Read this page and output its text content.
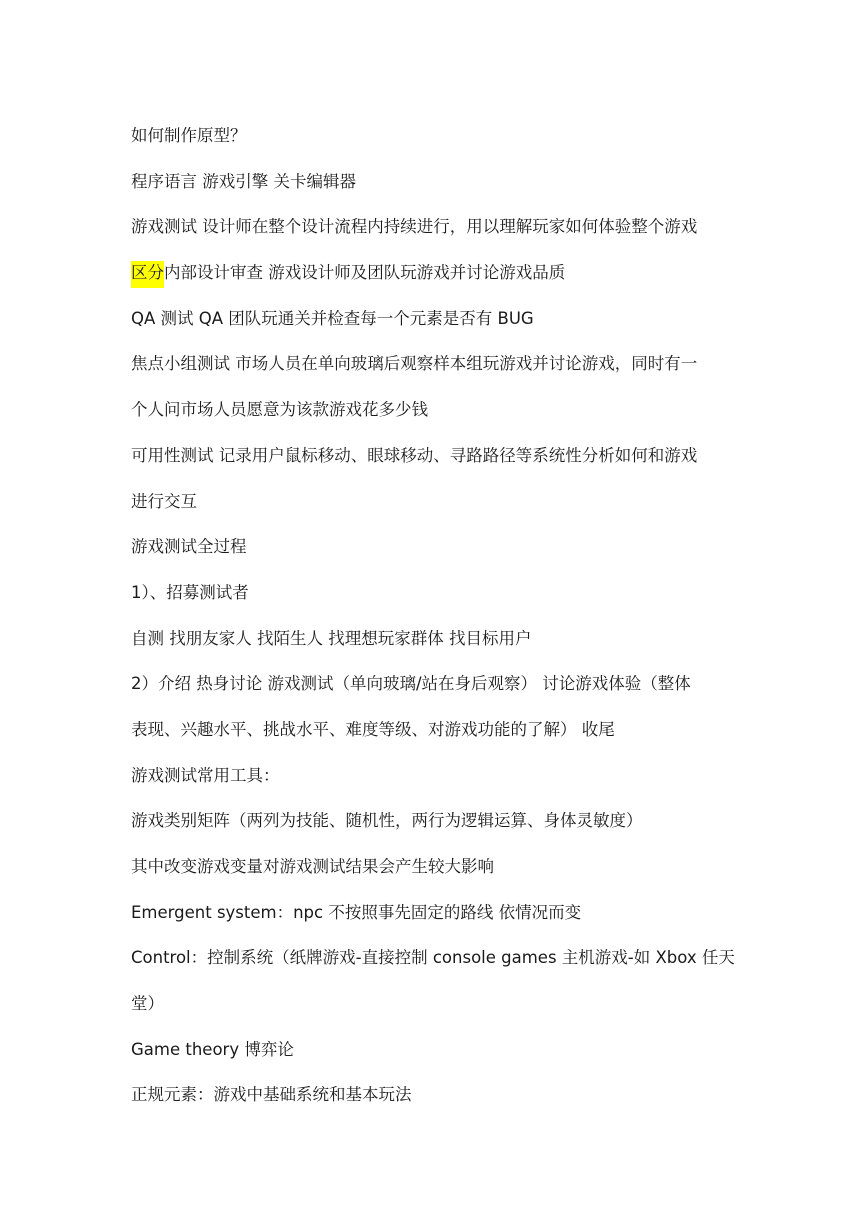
如何制作原型？

程序语言 游戏引擎 关卡编辑器

游戏测试 设计师在整个设计流程内持续进行，用以理解玩家如何体验整个游戏

区分内部设计审查 游戏设计师及团队玩游戏并讨论游戏品质

QA 测试 QA 团队玩通关并检查每一个元素是否有 BUG

焦点小组测试 市场人员在单向玻璃后观察样本组玩游戏并讨论游戏，同时有一

个人问市场人员愿意为该款游戏花多少钱

可用性测试 记录用户鼠标移动、眼球移动、寻路路径等系统性分析如何和游戏

进行交互

游戏测试全过程

1）、招募测试者

自测 找朋友家人 找陌生人 找理想玩家群体 找目标用户

2）介绍 热身讨论 游戏测试（单向玻璃/站在身后观察） 讨论游戏体验（整体

表现、兴趣水平、挑战水平、难度等级、对游戏功能的了解） 收尾

游戏测试常用工具：

游戏类别矩阵（两列为技能、随机性，两行为逻辑运算、身体灵敏度）

其中改变游戏变量对游戏测试结果会产生较大影响

Emergent system：npc 不按照事先固定的路线 依情况而变

Control：控制系统（纸牌游戏-直接控制 console games 主机游戏-如 Xbox 任天

堂）

Game theory 博弈论

正规元素：游戏中基础系统和基本玩法
